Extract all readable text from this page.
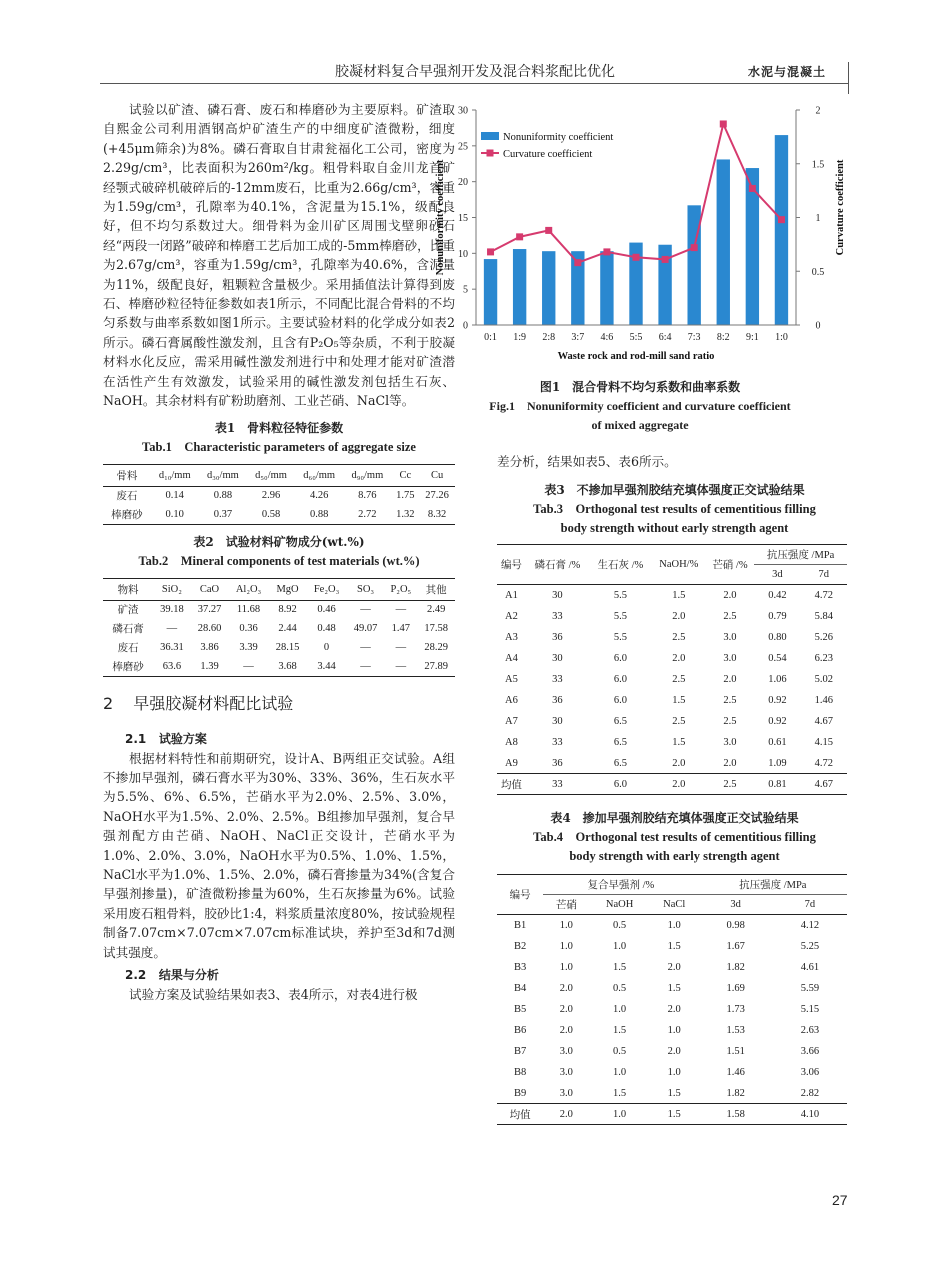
胶凝材料复合早强剂开发及混合料浆配比优化	水泥与混凝土

试验以矿渣、磷石膏、废石和棒磨砂为主要原料。矿渣取自熙金公司利用酒钢高炉矿渣生产的中细度矿渣微粉，细度(+45μm筛余)为8%。磷石膏取自甘肃瓮福化工公司，密度为2.29g/cm³，比表面积为260m²/kg。粗骨料取自金川龙首矿经颚式破碎机破碎后的-12mm废石，比重为2.66g/cm³，容重为1.59g/cm³，孔隙率为40.1%，含泥量为15.1%，级配良好，但不均匀系数过大。细骨料为金川矿区周围戈壁卵砂石经“两段一闭路”破碎和棒磨工艺后加工成的-5mm棒磨砂，比重为2.67g/cm³，容重为1.59g/cm³，孔隙率为40.6%，含泥量为11%，级配良好，粗颗粒含量极少。采用插值法计算得到废石、棒磨砂粒径特征参数如表1所示，不同配比混合骨料的不均匀系数与曲率系数如图1所示。主要试验材料的化学成分如表2所示。磷石膏属酸性激发剂，且含有P₂O₅等杂质，不利于胶凝材料水化反应，需采用碱性激发剂进行中和处理才能对矿渣潜在活性产生有效激发，试验采用的碱性激发剂包括生石灰、NaOH。其余材料有矿粉助磨剂、工业芒硝、NaCl等。

表1　骨料粒径特征参数
Tab.1　Characteristic parameters of aggregate size
骨料	d₁₀/mm	d₃₀/mm	d₅₀/mm	d₆₀/mm	d₉₀/mm	Cc	Cu
废石	0.14	0.88	2.96	4.26	8.76	1.75	27.26
棒磨砂	0.10	0.37	0.58	0.88	2.72	1.32	8.32
表2　试验材料矿物成分(wt.%)
Tab.2　Mineral components of test materials (wt.%)
物料	SiO₂	CaO	Al₂O₃	MgO	Fe₂O₃	SO₃	P₂O₅	其他
矿渣	39.18	37.27	11.68	8.92	0.46	—	—	2.49
磷石膏	—	28.60	0.36	2.44	0.48	49.07	1.47	17.58
废石	36.31	3.86	3.39	28.15	0	—	—	28.29
棒磨砂	63.6	1.39	—	3.68	3.44	—	—	27.89
2 早强胶凝材料配比试验
2.1 试验方案

根据材料特性和前期研究，设计A、B两组正交试验。A组不掺加早强剂，磷石膏水平为30%、33%、36%，生石灰水平为5.5%、6%、6.5%，芒硝水平为2.0%、2.5%、3.0%，NaOH水平为1.5%、2.0%、2.5%。B组掺加早强剂，复合早强剂配方由芒硝、NaOH、NaCl正交设计，芒硝水平为1.0%、2.0%、3.0%，NaOH水平为0.5%、1.0%、1.5%，NaCl水平为1.0%、1.5%、2.0%，磷石膏掺量为34%(含复合早强剂掺量)，矿渣微粉掺量为60%，生石灰掺量为6%。试验采用废石粗骨料，胶砂比1:4，料浆质量浓度80%，按试验规程制备7.07cm×7.07cm×7.07cm标准试块，养护至3d和7d测试其强度。

2.2 结果与分析

试验方案及试验结果如表3、表4所示，对表4进行极

0
5
10
15
20
25
30
0
0.5
1
1.5
2
0:1 1:9 2:8 3:7 4:6 5:5 6:4 7:3 8:2 9:1 1:0
Waste rock and rod-mill sand ratio
Nonuniformity coefficient	Curvature coefficient
Nonuniformity coefficient
Curvature coefficient
图1　混合骨料不均匀系数和曲率系数
Fig.1　Nonuniformity coefficient and curvature coefficient
of mixed aggregate

差分析，结果如表5、表6所示。

表3　不掺加早强剂胶结充填体强度正交试验结果
Tab.3　Orthogonal test results of cementitious filling
body strength without early strength agent
编号	磷石膏 /%	生石灰 /%	NaOH/%	芒硝 /%	抗压强度 /MPa	
					3d	7d
A1	30	5.5	1.5	2.0	0.42	4.72
A2	33	5.5	2.0	2.5	0.79	5.84
A3	36	5.5	2.5	3.0	0.80	5.26
A4	30	6.0	2.0	3.0	0.54	6.23
A5	33	6.0	2.5	2.0	1.06	5.02
A6	36	6.0	1.5	2.5	0.92	1.46
A7	30	6.5	2.5	2.5	0.92	4.67
A8	33	6.5	1.5	3.0	0.61	4.15
A9	36	6.5	2.0	2.0	1.09	4.72
均值	33	6.0	2.0	2.5	0.81	4.67
表4　掺加早强剂胶结充填体强度正交试验结果
Tab.4　Orthogonal test results of cementitious filling
body strength with early strength agent
编号	复合早强剂 /%			抗压强度 /MPa	
	芒硝	NaOH	NaCl	3d	7d
B1	1.0	0.5	1.0	0.98	4.12
B2	1.0	1.0	1.5	1.67	5.25
B3	1.0	1.5	2.0	1.82	4.61
B4	2.0	0.5	1.5	1.69	5.59
B5	2.0	1.0	2.0	1.73	5.15
B6	2.0	1.5	1.0	1.53	2.63
B7	3.0	0.5	2.0	1.51	3.66
B8	3.0	1.0	1.0	1.46	3.06
B9	3.0	1.5	1.5	1.82	2.82
均值	2.0	1.0	1.5	1.58	4.10
27
